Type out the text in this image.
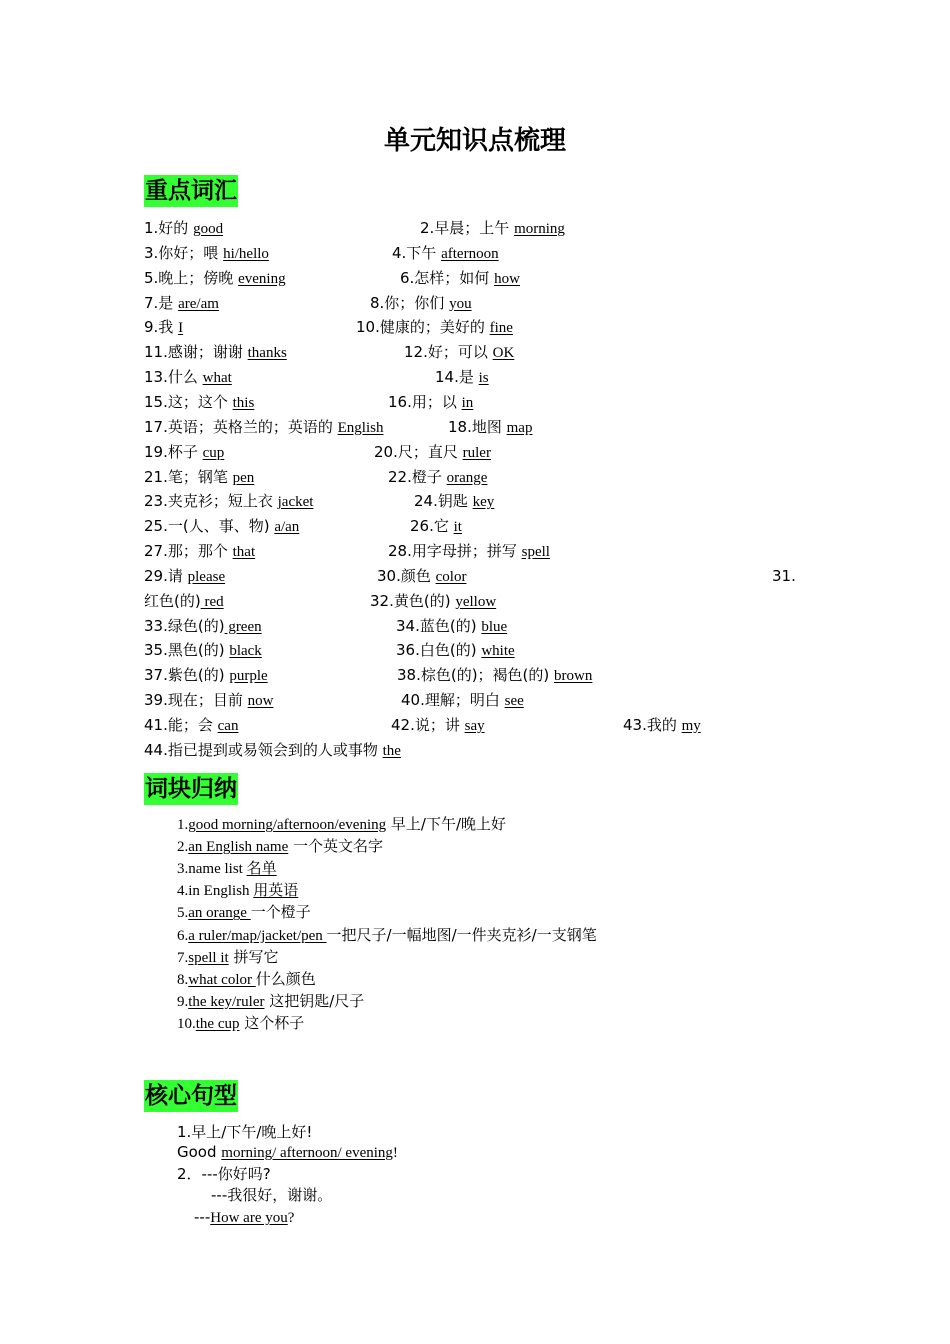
单元知识点梳理
重点词汇
1.好的 good	2.早晨；上午 morning
3.你好；喂 hi/hello	4.下午 afternoon
5.晚上；傍晚 evening	6.怎样；如何 how
7.是 are/am	8.你；你们 you
9.我 I	10.健康的；美好的 fine
11.感谢；谢谢 thanks	12.好；可以 OK
13.什么 what	14.是 is
15.这；这个 this	16.用；以 in
17.英语；英格兰的；英语的 English	18.地图 map
19.杯子 cup	20.尺；直尺 ruler
21.笔；钢笔 pen	22.橙子 orange
23.夹克衫；短上衣 jacket	24.钥匙 key
25.一(人、事、物) a/an	26.它 it
27.那；那个 that	28.用字母拼；拼写 spell
29.请 please	30.颜色 color	31.
红色(的) red	32.黄色(的) yellow
33.绿色(的) green	34.蓝色(的) blue
35.黑色(的) black	36.白色(的) white
37.紫色(的) purple	38.棕色(的)；褐色(的) brown
39.现在；目前 now	40.理解；明白 see
41.能；会 can	42.说；讲 say	43.我的 my
44.指已提到或易领会到的人或事物 the
词块归纳
1.good morning/afternoon/evening 早上/下午/晚上好
2.an English name 一个英文名字
3.name list 名单
4.in English 用英语
5.an orange 一个橙子
6.a ruler/map/jacket/pen 一把尺子/一幅地图/一件夹克衫/一支钢笔
7.spell it 拼写它
8.what color 什么颜色
9.the key/ruler 这把钥匙/尺子
10.the cup 这个杯子
核心句型
1.早上/下午/晚上好!
Good morning/ afternoon/ evening!
2．---你好吗?
---我很好，谢谢。
---How are you?
